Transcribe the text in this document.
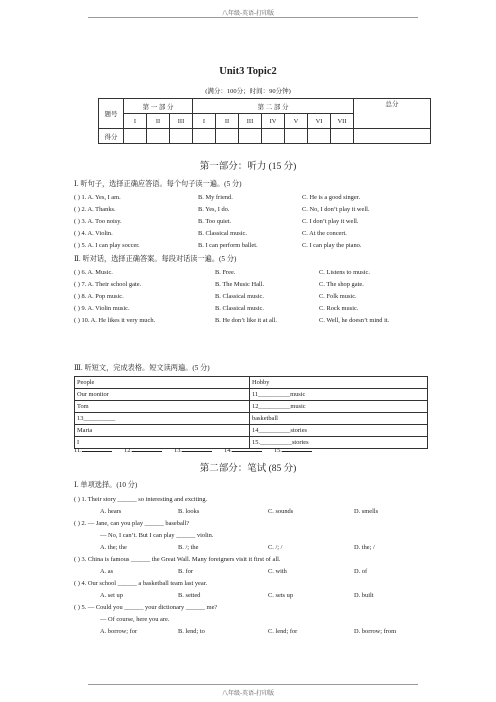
八年级-英语-打印版
Unit3 Topic2
(满分：100分；时间：90分钟)
题号	第 一 部 分			第 二 部 分							总分
	I	II	III	I	II	III	IV	V	VI	VII	
得分											
第一部分：听力 (15 分)
Ⅰ. 听句子，选择正确应答语。每个句子读一遍。(5 分)
( ) 1. A. Yes, I am.	B. My friend.	C. He is a good singer.
( ) 2. A. Thanks.	B. Yes, I do.	C. No, I don’t play it well.
( ) 3. A. Too noisy.	B. Too quiet.	C. I don’t play it well.
( ) 4. A. Violin.	B. Classical music.	C. At the concert.
( ) 5. A. I can play soccer.	B. I can perform ballet.	C. I can play the piano.
Ⅱ. 听对话，选择正确答案。每段对话读一遍。(5 分)
( ) 6. A. Music.	B. Free.	C. Listens to music.
( ) 7. A. Their school gate.	B. The Music Hall.	C. The shop gate.
( ) 8. A. Pop music.	B. Classical music.	C. Folk music.
( ) 9. A. Violin music.	B. Classical music.	C. Rock music.
( ) 10. A. He likes it very much.	B. He don’t like it at all.	C. Well, he doesn’t mind it.
Ⅲ. 听短文，完成表格。短文读两遍。(5 分)
People	Hobby
Our monitor	11__________music
Tom	12__________music
13__________	basketball
Maria	14__________stories
I	15.__________stories
11.	12.	13.	14.	15.
第二部分：笔试 (85 分)
Ⅰ. 单项选择。(10 分)
( ) 1. Their story ______ so interesting and exciting.
A. hears	B. looks	C. sounds	D. smells
( ) 2. — Jane, can you play ______ baseball?
— No, I can’t. But I can play ______ violin.
A. the; the	B. /; the	C. /; /	D. the; /
( ) 3. China is famous ______ the Great Wall. Many foreigners visit it first of all.
A. as	B. for	C. with	D. of
( ) 4. Our school ______ a basketball team last year.
A. set up	B. setted	C. sets up	D. built
( ) 5. — Could you ______ your dictionary ______ me?
— Of course, here you are.
A. borrow; for	B. lend; to	C. lend; for	D. borrow; from
八年级-英语-打印版
